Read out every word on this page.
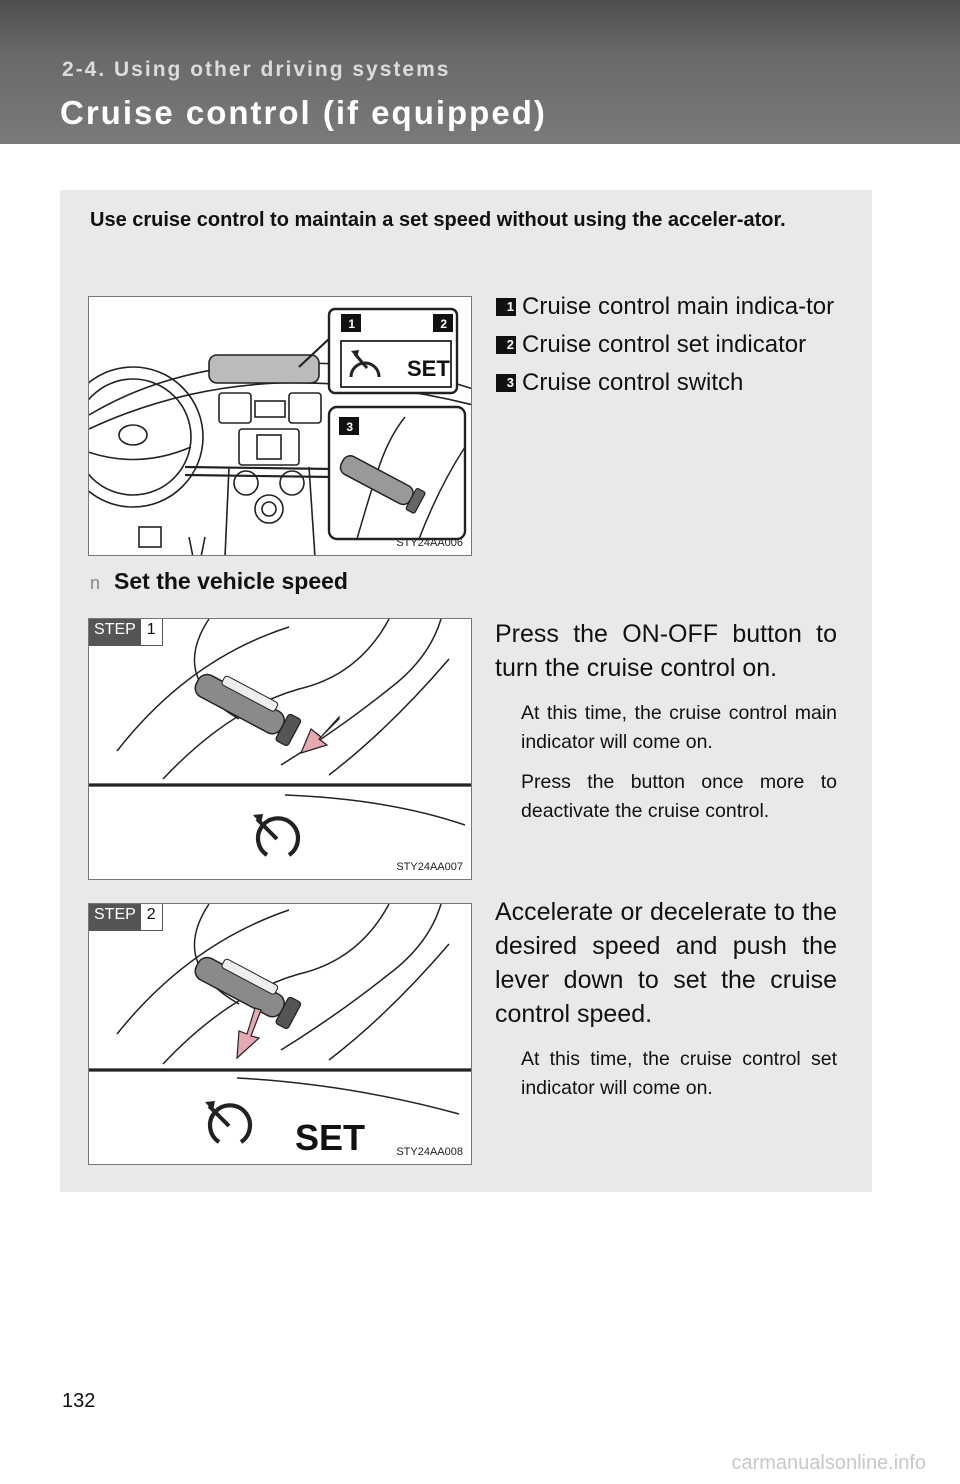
2-4. Using other driving systems
Cruise control (if equipped)
Use cruise control to maintain a set speed without using the acceler-ator.
SET
1	2
3
STY24AA006
1 Cruise control main indica-tor
2 Cruise control set indicator
3 Cruise control switch
n Set the vehicle speed
STEP 1
STY24AA007
Press the ON-OFF button to turn the cruise control on.
At this time, the cruise control main indicator will come on.
Press the button once more to deactivate the cruise control.
SET
STEP 2
STY24AA008
Accelerate or decelerate to the desired speed and push the lever down to set the cruise control speed.
At this time, the cruise control set indicator will come on.
132
carmanualsonline.info
